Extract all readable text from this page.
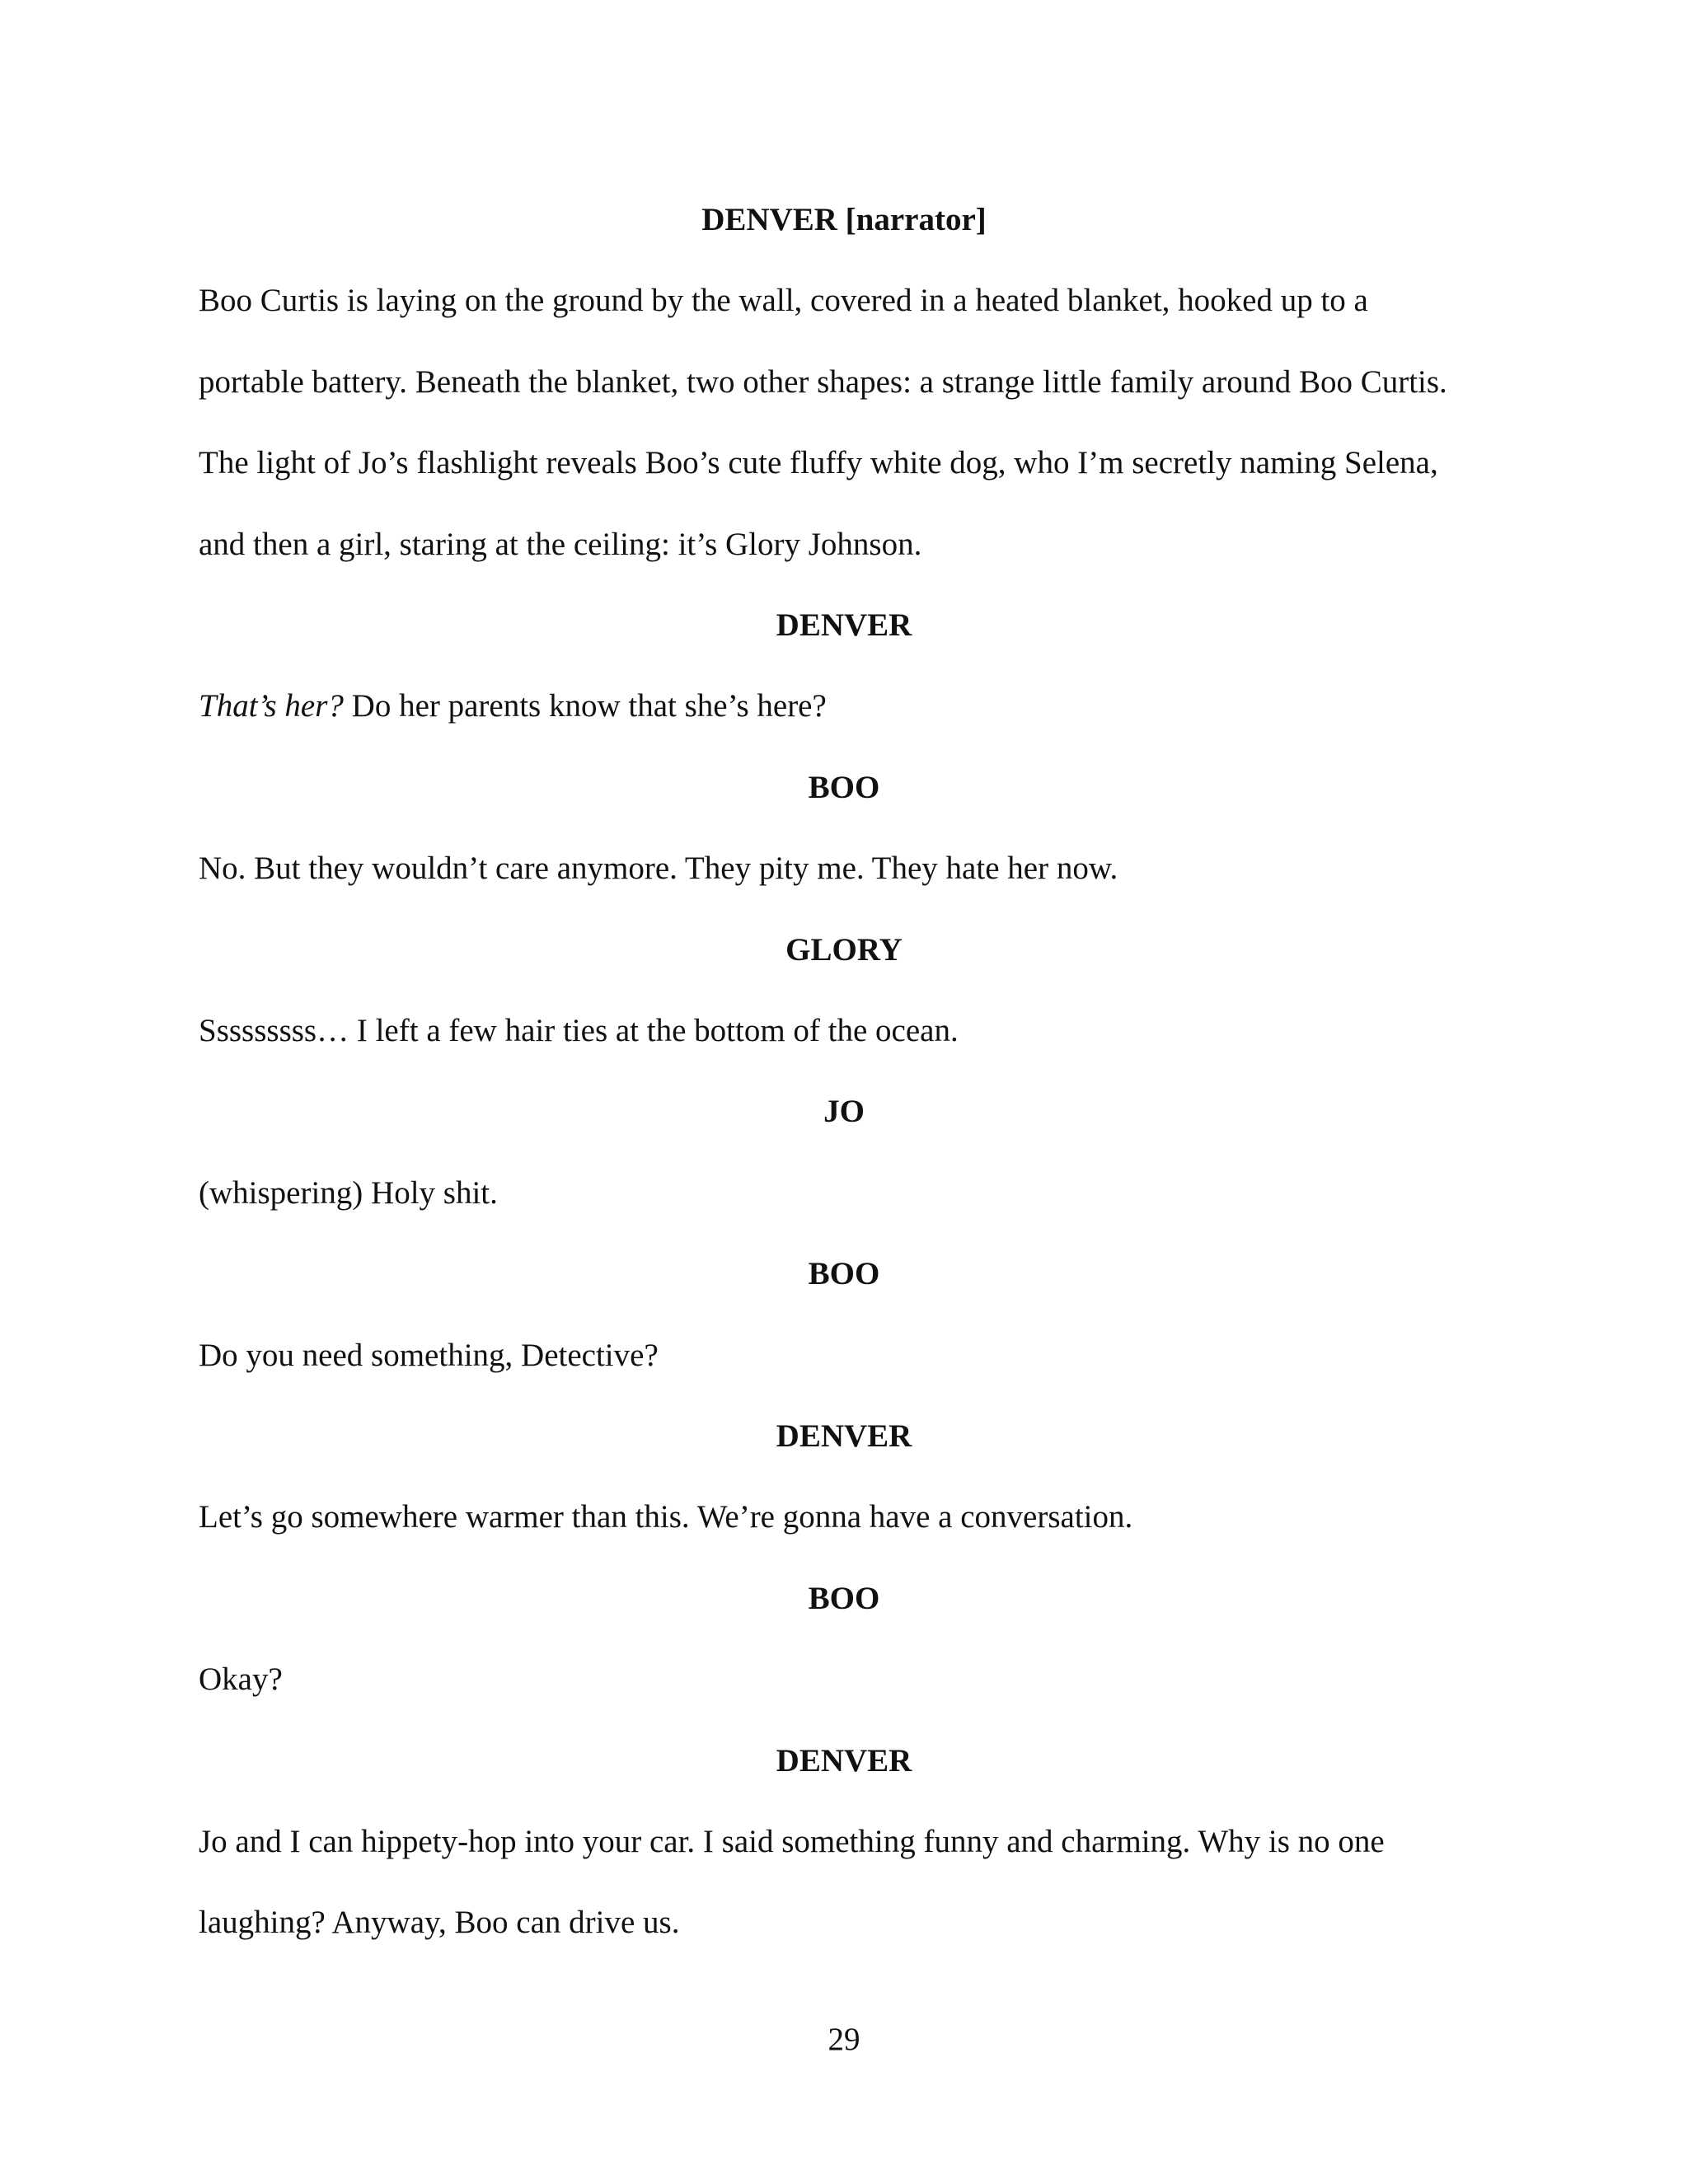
DENVER [narrator]
Boo Curtis is laying on the ground by the wall, covered in a heated blanket, hooked up to a
portable battery. Beneath the blanket, two other shapes: a strange little family around Boo Curtis.
The light of Jo’s flashlight reveals Boo’s cute fluffy white dog, who I’m secretly naming Selena,
and then a girl, staring at the ceiling: it’s Glory Johnson.
DENVER
That’s her? Do her parents know that she’s here?
BOO
No. But they wouldn’t care anymore. They pity me. They hate her now.
GLORY
Sssssssss… I left a few hair ties at the bottom of the ocean.
JO
(whispering) Holy shit.
BOO
Do you need something, Detective?
DENVER
Let’s go somewhere warmer than this. We’re gonna have a conversation.
BOO
Okay?
DENVER
Jo and I can hippety-hop into your car. I said something funny and charming. Why is no one
laughing? Anyway, Boo can drive us.
29
